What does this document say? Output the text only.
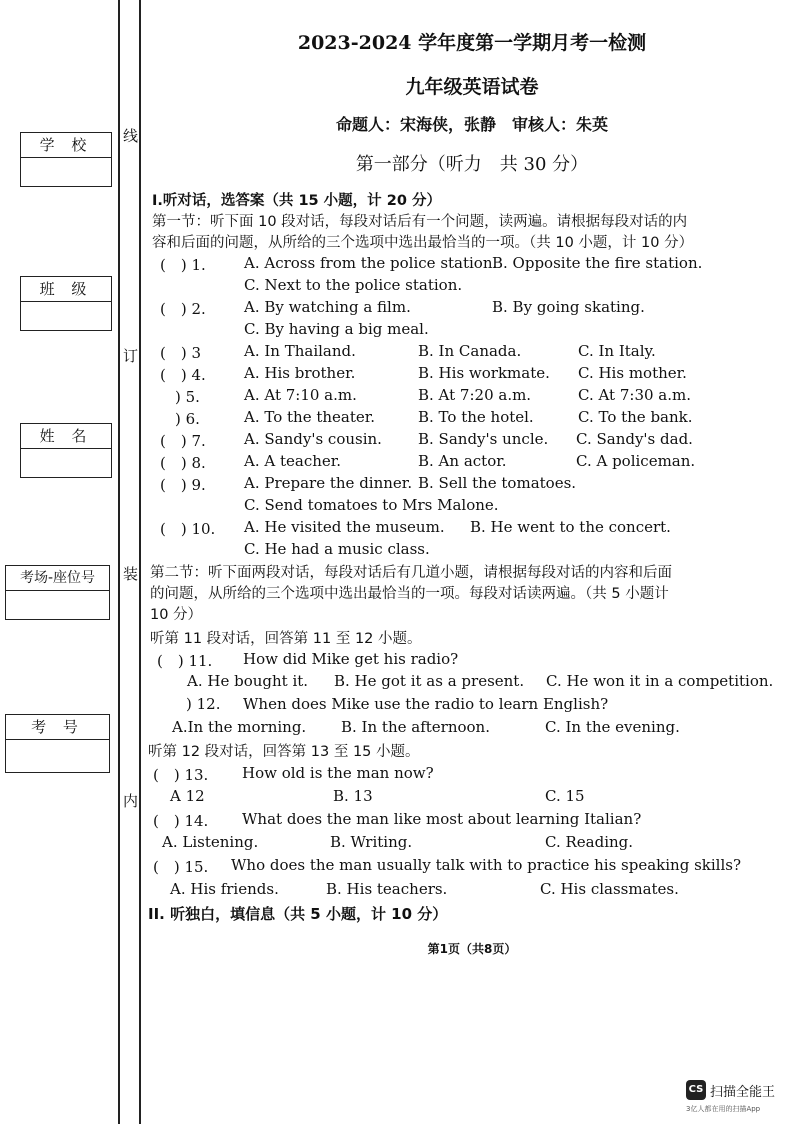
线
订
装
内
学 校
班 级
姓 名
考场-座位号
考 号
2023-2024 学年度第一学期月考一检测
九年级英语试卷
命题人：宋海侠，张静　审核人：朱英
第一部分（听力　共 30 分）
I.听对话，选答案（共 15 小题，计 20 分）
第一节：听下面 10 段对话，每段对话后有一个问题，读两遍。请根据每段对话的内
容和后面的问题，从所给的三个选项中选出最恰当的一项。（共 10 小题，计 10 分）
(　) 1.	A. Across from the police station.
B. Opposite the fire station.
C. Next to the police station.
(　) 2.	A. By watching a film.	B. By going skating.
C. By having a big meal.
(　) 3	A. In Thailand.	B. In Canada.	C. In Italy.
(　) 4.	A. His brother.	B. His workmate. C. His mother.
　) 5.	A. At 7:10 a.m.	B. At 7:20 a.m.	C. At 7:30 a.m.
　) 6.	A. To the theater.	B. To the hotel.	C. To the bank.
(　) 7.	A. Sandy's cousin. B. Sandy's uncle. C. Sandy's dad.
(　) 8.	A. A teacher.	B. An actor.	C. A policeman.
(　) 9.	A. Prepare the dinner. B. Sell the tomatoes.
C. Send tomatoes to Mrs Malone.
(　) 10. A. He visited the museum. B. He went to the concert.
C. He had a music class.
第二节：听下面两段对话，每段对话后有几道小题，请根据每段对话的内容和后面
的问题，从所给的三个选项中选出最恰当的一项。每段对话读两遍。（共 5 小题计
10 分）
听第 11 段对话，回答第 11 至 12 小题。
(　) 11. How did Mike get his radio?
A. He bought it. B. He got it as a present. C. He won it in a competition.
) 12. When does Mike use the radio to learn English?
A.In the morning. B. In the afternoon.	C. In the evening.
听第 12 段对话，回答第 13 至 15 小题。
(　) 13. How old is the man now?
A 12	B. 13	C. 15
(　) 14. What does the man like most about learning Italian?
A. Listening.	B. Writing.	C. Reading.
(　) 15. Who does the man usually talk with to practice his speaking skills?
A. His friends.	B. His teachers.	C. His classmates.
II. 听独白，填信息（共 5 小题，计 10 分）
第1页（共8页）
CS 扫描全能王
3亿人都在用的扫描App
